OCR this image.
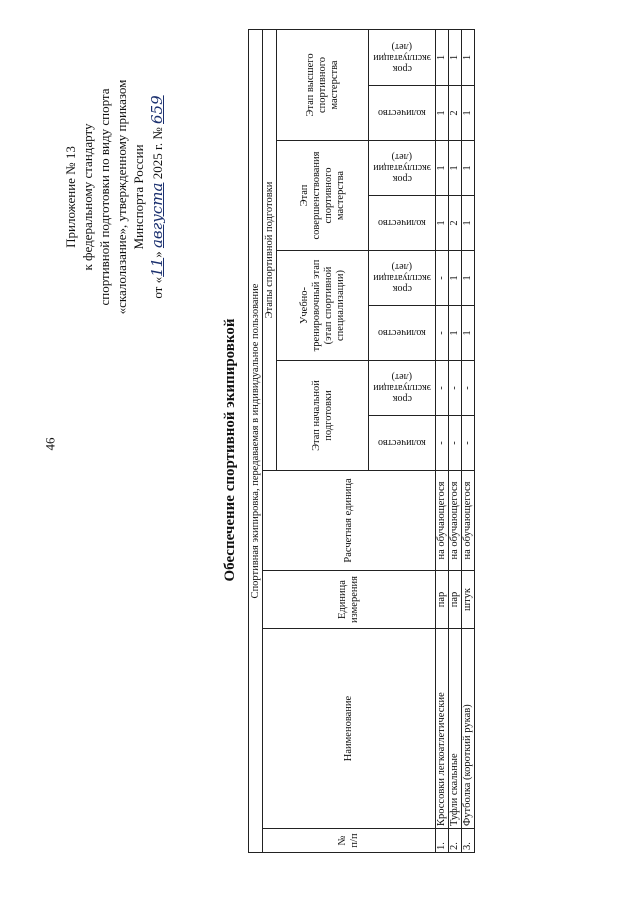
46
Приложение № 13 к федеральному стандарту спортивной подготовки по виду спорта «скалолазание», утвержденному приказом Минспорта России
от «11» августа 2025 г. № 659
Обеспечение спортивной экипировкой Спортивная экипировка, передаваемая в индивидуальное пользование											
№ п/п	Наименование	Единица измерения	Расчетная единица	Этапы спортивной подготовки							
				Этап начальной подготовки		Учебно-тренировочный этап (этап спортивной специализации)		Этап совершенствования спортивного мастерства		Этап высшего спортивного мастерства	

				количество	срок эксплуатации (лет)	количество	срок эксплуатации (лет)	количество	срок эксплуатации (лет)	количество	срок эксплуатации (лет)

1.	Кроссовки легкоатлетические	пар	на обучающегося	-	-	-	-	1	1	1	1
2.	Туфли скальные	пар	на обучающегося	-	-	1	1	2	1	2	1
3.	Футболка (короткий рукав)	штук	на обучающегося	-	-	1	1	1	1	1	1
